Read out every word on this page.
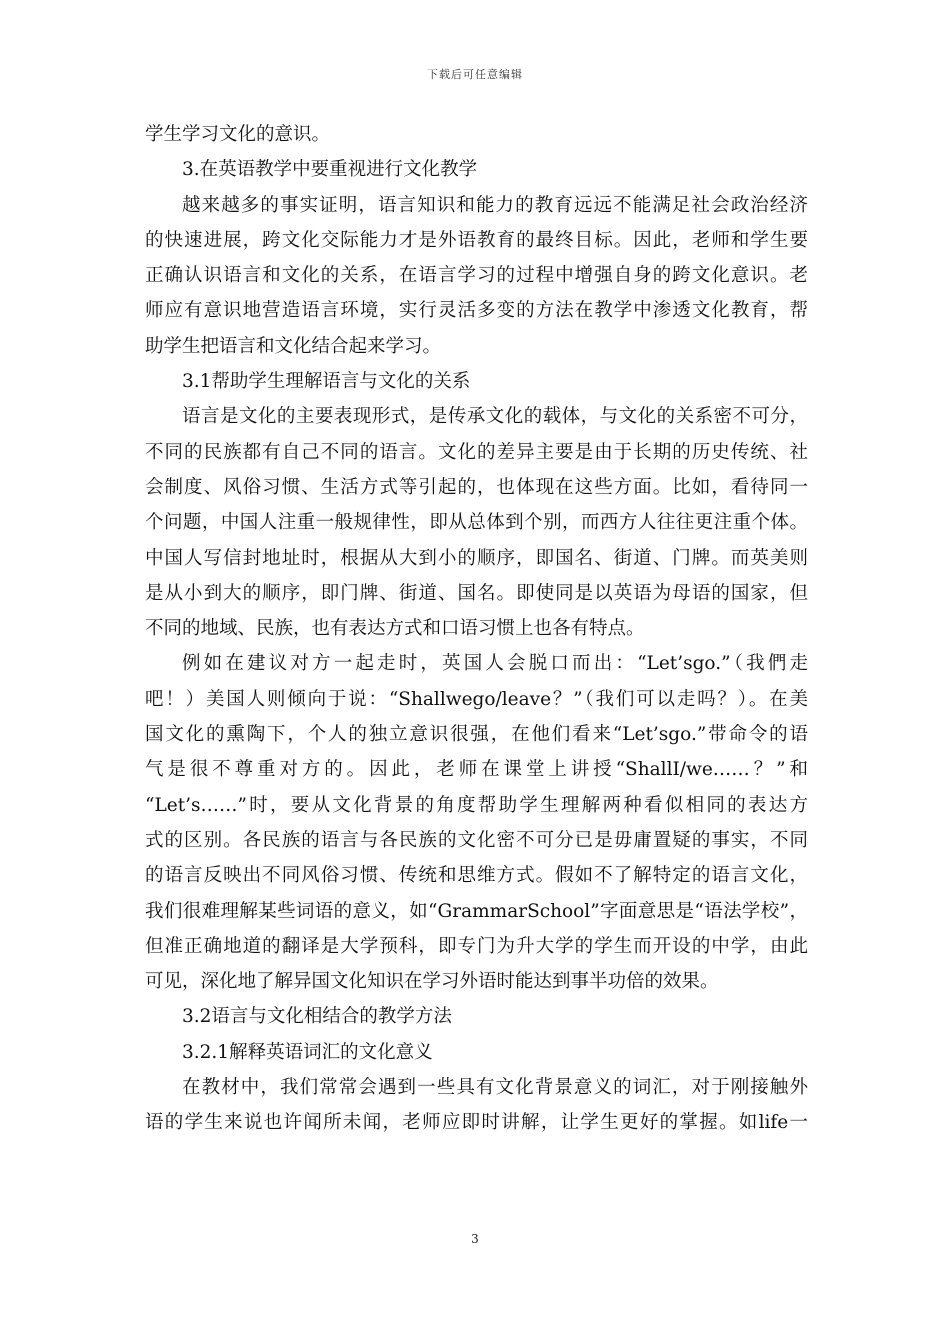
下载后可任意编辑
学生学习文化的意识。
3.在英语教学中要重视进行文化教学
越来越多的事实证明，语言知识和能力的教育远远不能满足社会政治经济
的快速进展，跨文化交际能力才是外语教育的最终目标。因此，老师和学生要
正确认识语言和文化的关系，在语言学习的过程中增强自身的跨文化意识。老
师应有意识地营造语言环境，实行灵活多变的方法在教学中渗透文化教育，帮
助学生把语言和文化结合起来学习。
3.1帮助学生理解语言与文化的关系
语言是文化的主要表现形式，是传承文化的载体，与文化的关系密不可分，
不同的民族都有自己不同的语言。文化的差异主要是由于长期的历史传统、社
会制度、风俗习惯、生活方式等引起的，也体现在这些方面。比如，看待同一
个问题，中国人注重一般规律性，即从总体到个别，而西方人往往更注重个体。
中国人写信封地址时，根据从大到小的顺序，即国名、街道、门牌。而英美则
是从小到大的顺序，即门牌、街道、国名。即使同是以英语为母语的国家，但
不同的地域、民族，也有表达方式和口语习惯上也各有特点。
例如在建议对方一起走时，英国人会脱口而出：“Let’sgo.”（我們走
吧！）美国人则倾向于说：“Shallwego/leave？”（我们可以走吗？）。在美
国文化的熏陶下，个人的独立意识很强，在他们看来“Let’sgo.”带命令的语
气是很不尊重对方的。因此，老师在课堂上讲授“ShallI/we……？”和
“Let’s……”时，要从文化背景的角度帮助学生理解两种看似相同的表达方
式的区别。各民族的语言与各民族的文化密不可分已是毋庸置疑的事实，不同
的语言反映出不同风俗习惯、传统和思维方式。假如不了解特定的语言文化，
我们很难理解某些词语的意义，如“GrammarSchool”字面意思是“语法学校”，
但准正确地道的翻译是大学预科，即专门为升大学的学生而开设的中学，由此
可见，深化地了解异国文化知识在学习外语时能达到事半功倍的效果。
3.2语言与文化相结合的教学方法
3.2.1解释英语词汇的文化意义
在教材中，我们常常会遇到一些具有文化背景意义的词汇，对于刚接触外
语的学生来说也许闻所未闻，老师应即时讲解，让学生更好的掌握。如life一
3
